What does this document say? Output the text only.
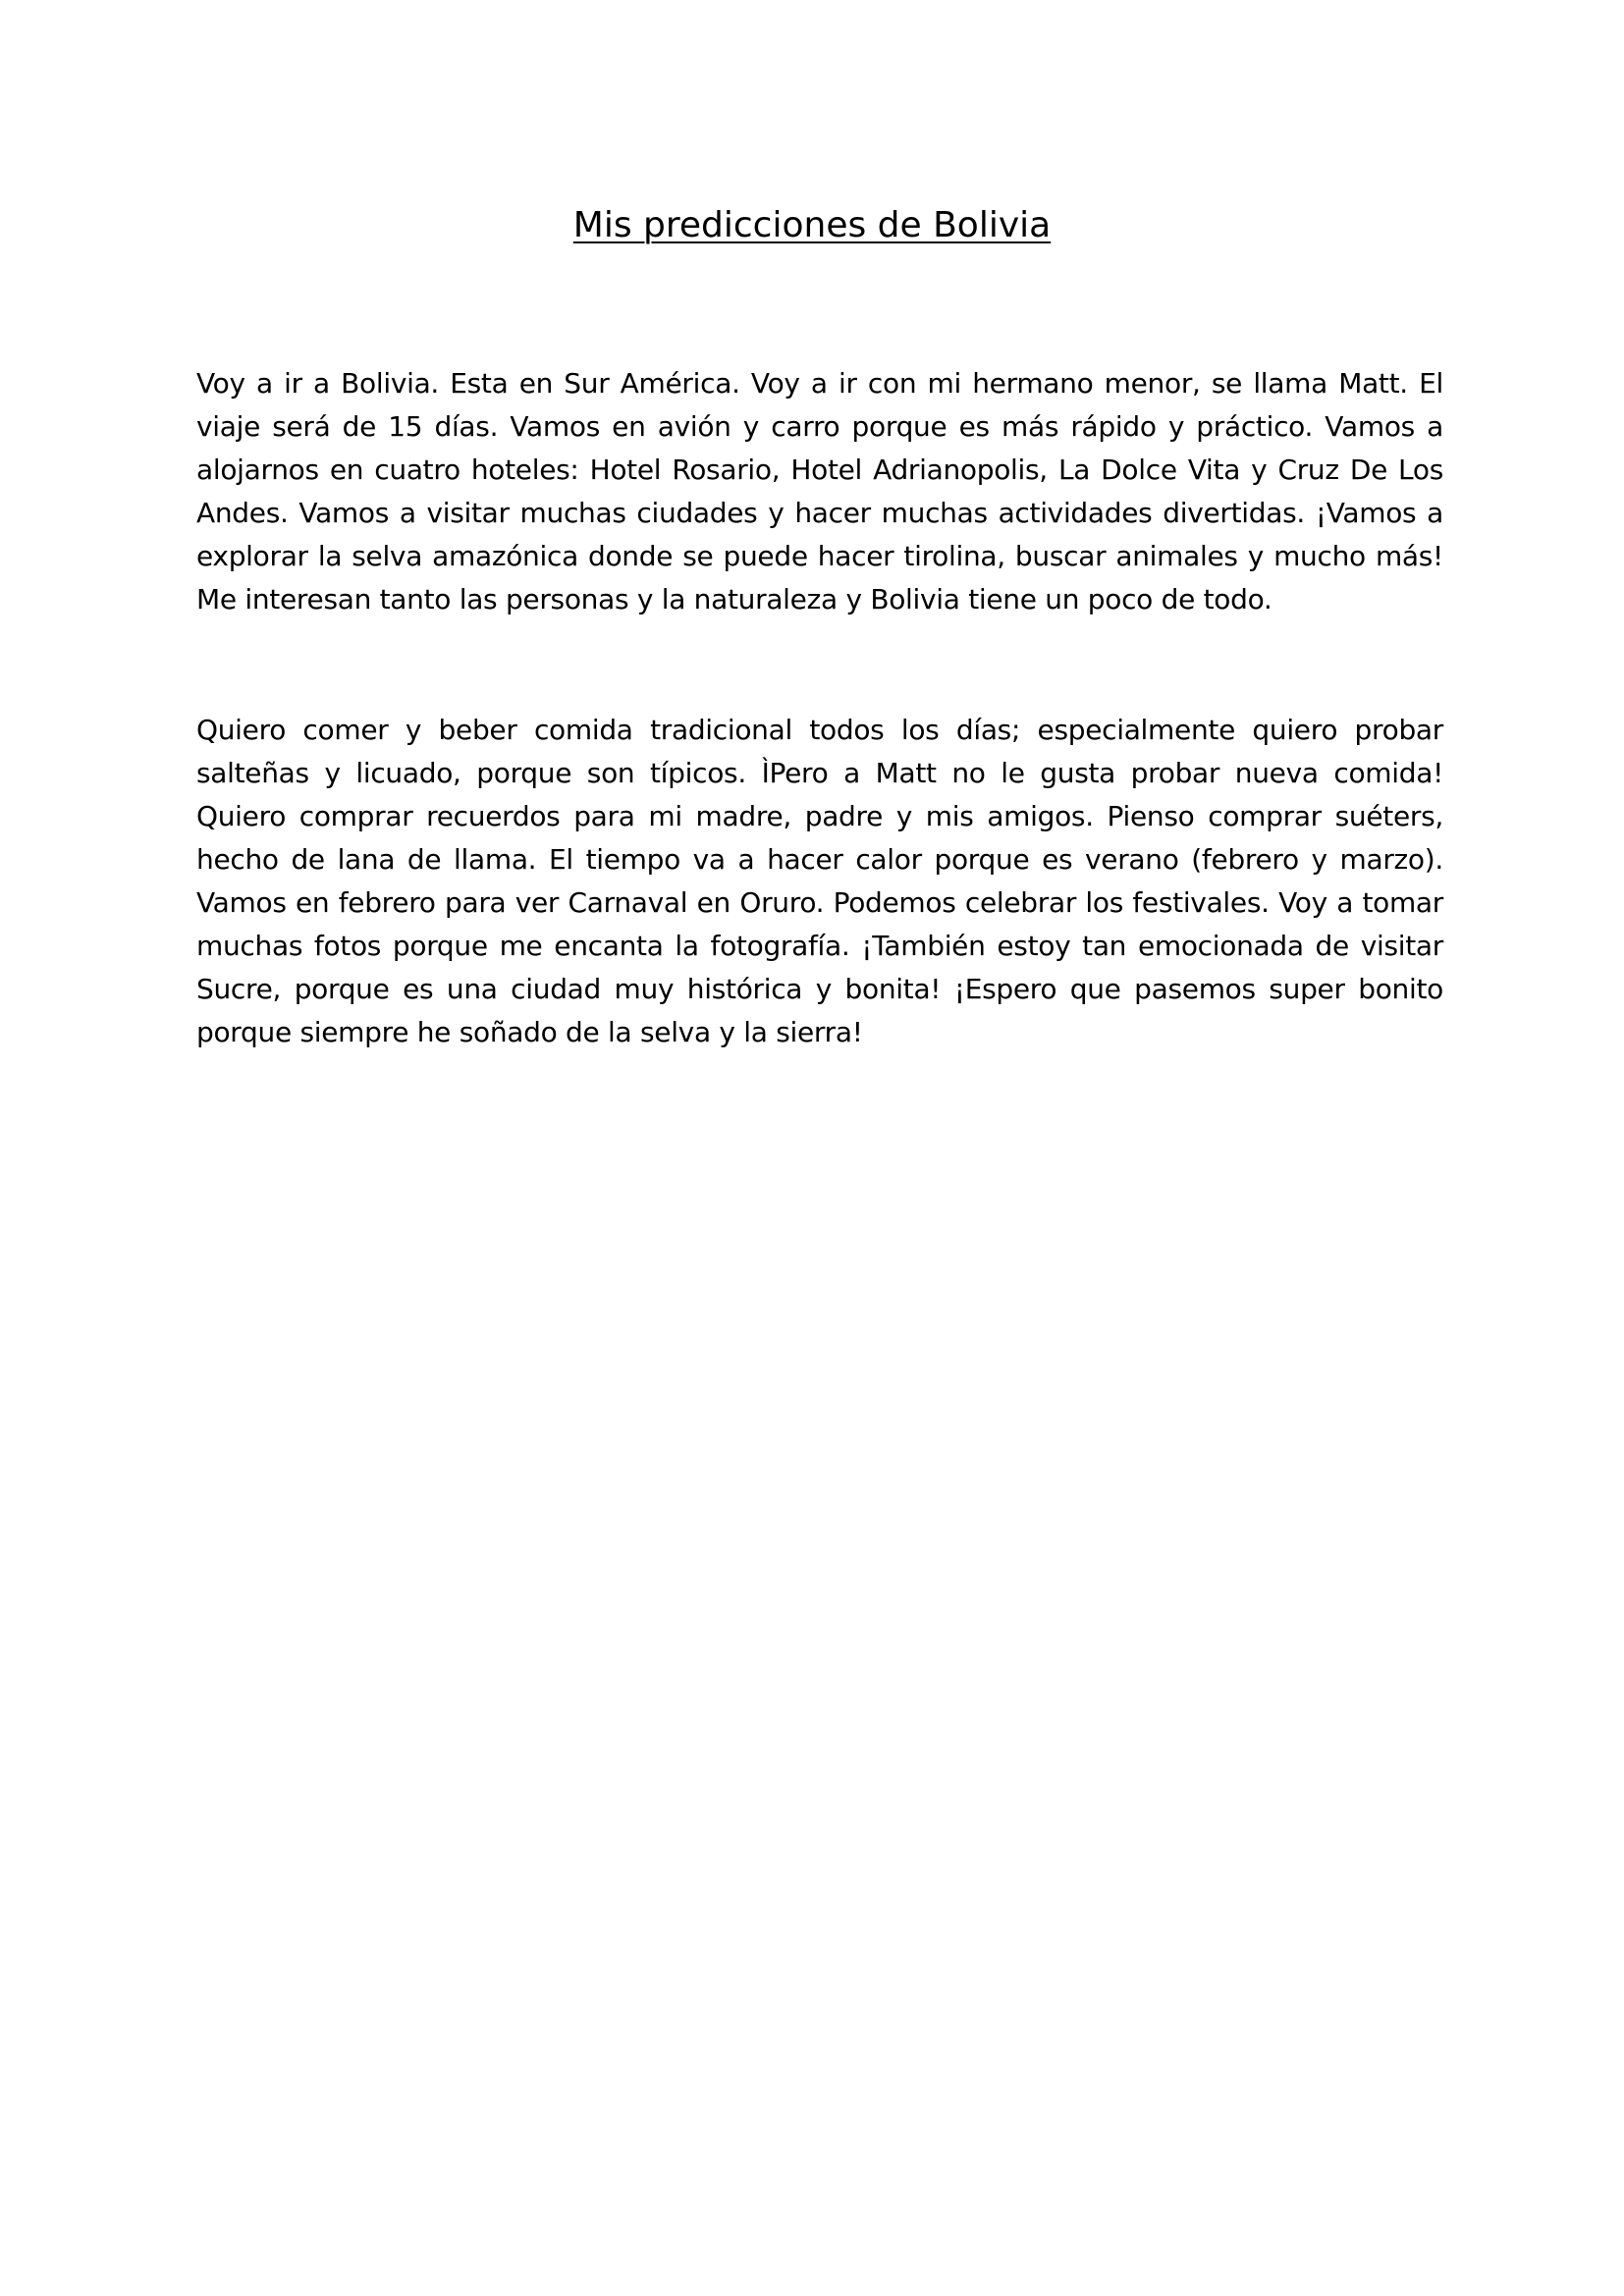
Mis predicciones de Bolivia

Voy a ir a Bolivia. Esta en Sur América. Voy a ir con mi hermano menor, se llama Matt. El viaje será de 15 días. Vamos en avión y carro porque es más rápido y práctico. Vamos a alojarnos en cuatro hoteles: Hotel Rosario, Hotel Adrianopolis, La Dolce Vita y Cruz De Los Andes. Vamos a visitar muchas ciudades y hacer muchas actividades divertidas. ¡Vamos a explorar la selva amazónica donde se puede hacer tirolina, buscar animales y mucho más! Me interesan tanto las personas y la naturaleza y Bolivia tiene un poco de todo.

Quiero comer y beber comida tradicional todos los días; especialmente quiero probar salteñas y licuado, porque son típicos. ÌPero a Matt no le gusta probar nueva comida! Quiero comprar recuerdos para mi madre, padre y mis amigos. Pienso comprar suéters, hecho de lana de llama. El tiempo va a hacer calor porque es verano (febrero y marzo). Vamos en febrero para ver Carnaval en Oruro. Podemos celebrar los festivales. Voy a tomar muchas fotos porque me encanta la fotografía. ¡También estoy tan emocionada de visitar Sucre, porque es una ciudad muy histórica y bonita! ¡Espero que pasemos super bonito porque siempre he soñado de la selva y la sierra!
